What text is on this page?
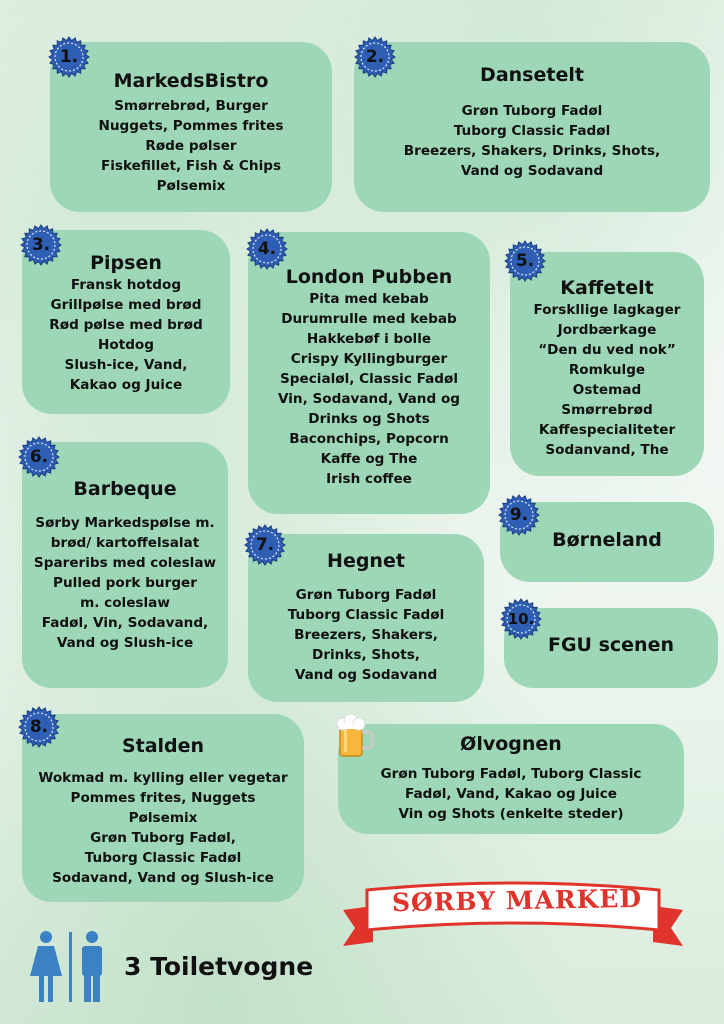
MarkedsBistro
Smørrebrød, Burger
Nuggets, Pommes frites
Røde pølser
Fiskefillet, Fish & Chips
Pølsemix
Dansetelt
Grøn Tuborg Fadøl
Tuborg Classic Fadøl
Breezers, Shakers, Drinks, Shots,
Vand og Sodavand
Pipsen
Fransk hotdog
Grillpølse med brød
Rød pølse med brød
Hotdog
Slush-ice, Vand,
Kakao og Juice
London Pubben
Pita med kebab
Durumrulle med kebab
Hakkebøf i bolle
Crispy Kyllingburger
Specialøl, Classic Fadøl
Vin, Sodavand, Vand og
Drinks og Shots
Baconchips, Popcorn
Kaffe og The
Irish coffee
Kaffetelt
Forskllige lagkager
Jordbærkage
“Den du ved nok”
Romkulge
Ostemad
Smørrebrød
Kaffespecialiteter
Sodanvand, The
Barbeque
Sørby Markedspølse m.
brød/ kartoffelsalat
Spareribs med coleslaw
Pulled pork burger
m. coleslaw
Fadøl, Vin, Sodavand,
Vand og Slush-ice
Hegnet
Grøn Tuborg Fadøl
Tuborg Classic Fadøl
Breezers, Shakers,
Drinks, Shots,
Vand og Sodavand
Stalden
Wokmad m. kylling eller vegetar
Pommes frites, Nuggets
Pølsemix
Grøn Tuborg Fadøl,
Tuborg Classic Fadøl
Sodavand, Vand og Slush-ice
Børneland
FGU scenen
Ølvognen
Grøn Tuborg Fadøl, Tuborg Classic
Fadøl, Vand, Kakao og Juice
Vin og Shots (enkelte steder)
1.	2.
3.	4.
5.
6.
7.
8.
9.
10.
SØRBY MARKED
3 Toiletvogne
